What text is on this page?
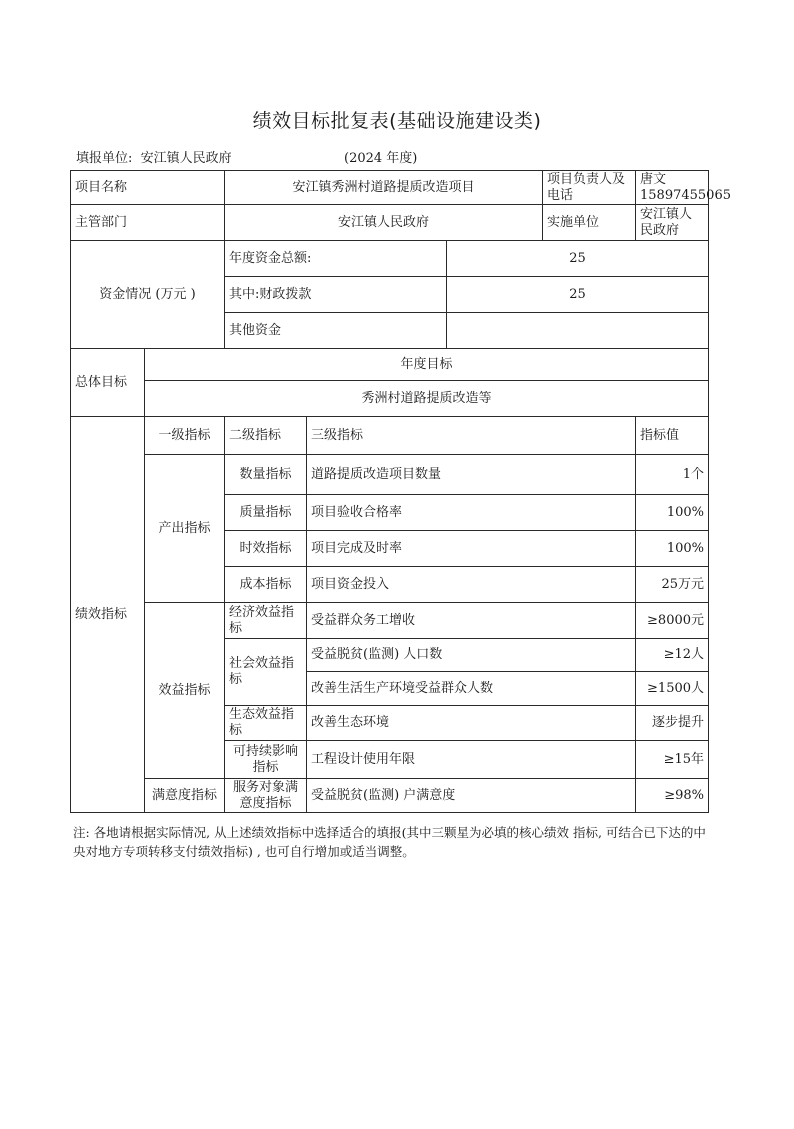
绩效目标批复表(基础设施建设类)
填报单位: 安江镇人民政府	(2024 年度)
项目名称		安江镇秀洲村道路提质改造项目			项目负责人及电话	唐文15897455065
主管部门		安江镇人民政府			实施单位	安江镇人民政府
资金情况 (万元 )		年度资金总额:		25		
		其中:财政拨款		25		
		其他资金				
总体目标	年度目标					
	秀洲村道路提质改造等					
绩效指标	一级指标	二级指标	三级指标			指标值
	产出指标	数量指标	道路提质改造项目数量			1个
		质量指标	项目验收合格率			100%
		时效指标	项目完成及时率			100%
		成本指标	项目资金投入			25万元
	效益指标	经济效益指标	受益群众务工增收			≥8000元
		社会效益指标	受益脱贫(监测) 人口数			≥12人
			改善生活生产环境受益群众人数			≥1500人
		生态效益指标	改善生态环境			逐步提升
		可持续影响指标	工程设计使用年限			≥15年
	满意度指标	服务对象满意度指标	受益脱贫(监测) 户满意度			≥98%
注: 各地请根据实际情况, 从上述绩效指标中选择适合的填报(其中三颗星为必填的核心绩效 指标, 可结合已下达的中央对地方专项转移支付绩效指标) , 也可自行增加或适当调整。
